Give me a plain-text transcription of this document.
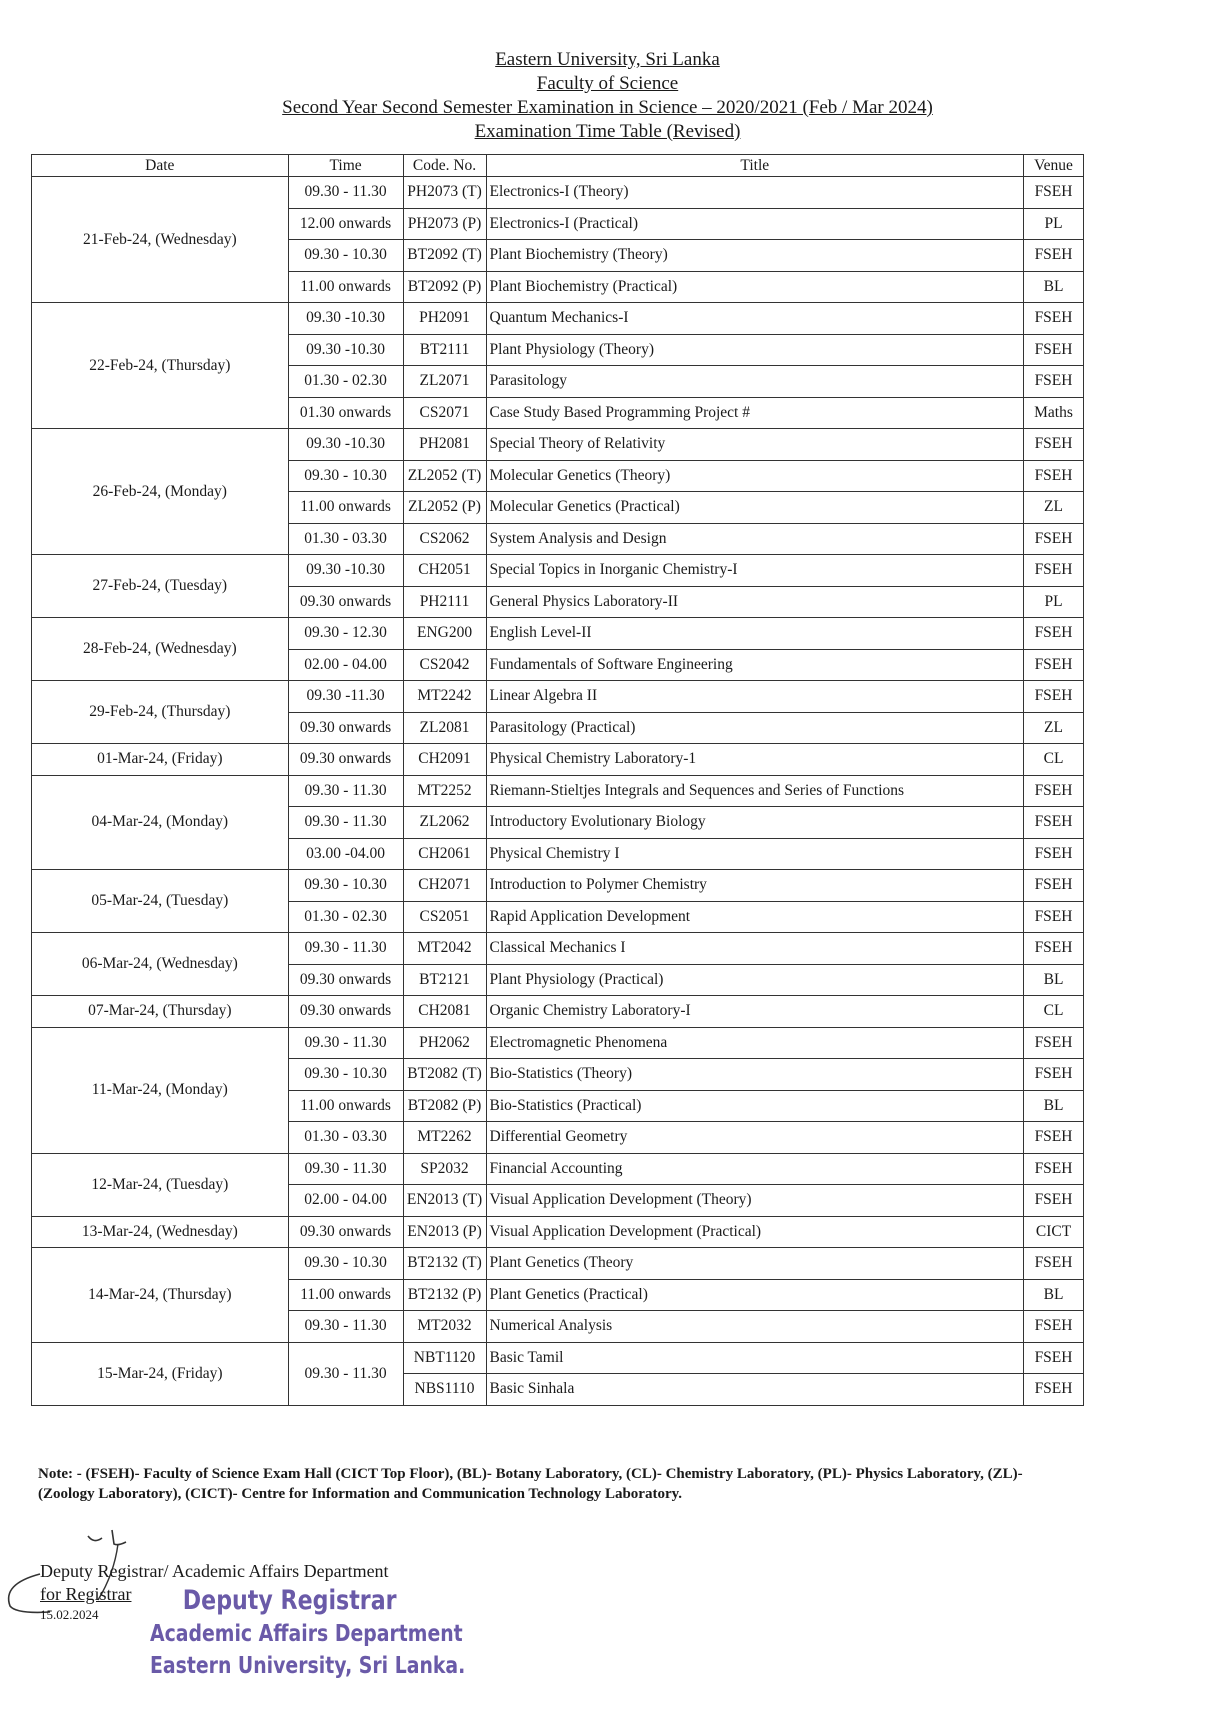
Eastern University, Sri Lanka
Faculty of Science
Second Year Second Semester Examination in Science – 2020/2021 (Feb / Mar 2024)
Examination Time Table (Revised)
Date	Time	Code. No.	Title	Venue
21-Feb-24, (Wednesday)	09.30 - 11.30	PH2073 (T)	Electronics-I (Theory)	FSEH
	12.00 onwards	PH2073 (P)	Electronics-I (Practical)	PL
	09.30 - 10.30	BT2092 (T)	Plant Biochemistry (Theory)	FSEH
	11.00 onwards	BT2092 (P)	Plant Biochemistry (Practical)	BL
22-Feb-24, (Thursday)	09.30 -10.30	PH2091	Quantum Mechanics-I	FSEH
	09.30 -10.30	BT2111	Plant Physiology (Theory)	FSEH
	01.30 - 02.30	ZL2071	Parasitology	FSEH
	01.30 onwards	CS2071	Case Study Based Programming Project #	Maths
26-Feb-24, (Monday)	09.30 -10.30	PH2081	Special Theory of Relativity	FSEH
	09.30 - 10.30	ZL2052 (T)	Molecular Genetics (Theory)	FSEH
	11.00 onwards	ZL2052 (P)	Molecular Genetics (Practical)	ZL
	01.30 - 03.30	CS2062	System Analysis and Design	FSEH
27-Feb-24, (Tuesday)	09.30 -10.30	CH2051	Special Topics in Inorganic Chemistry-I	FSEH
	09.30 onwards	PH2111	General Physics Laboratory-II	PL
28-Feb-24, (Wednesday)	09.30 - 12.30	ENG200	English Level-II	FSEH
	02.00 - 04.00	CS2042	Fundamentals of Software Engineering	FSEH
29-Feb-24, (Thursday)	09.30 -11.30	MT2242	Linear Algebra II	FSEH
	09.30 onwards	ZL2081	Parasitology (Practical)	ZL
01-Mar-24, (Friday)	09.30 onwards	CH2091	Physical Chemistry Laboratory-1	CL
04-Mar-24, (Monday)	09.30 - 11.30	MT2252	Riemann-Stieltjes Integrals and Sequences and Series of Functions	FSEH
	09.30 - 11.30	ZL2062	Introductory Evolutionary Biology	FSEH
	03.00 -04.00	CH2061	Physical Chemistry I	FSEH
05-Mar-24, (Tuesday)	09.30 - 10.30	CH2071	Introduction to Polymer Chemistry	FSEH
	01.30 - 02.30	CS2051	Rapid Application Development	FSEH
06-Mar-24, (Wednesday)	09.30 - 11.30	MT2042	Classical Mechanics I	FSEH
	09.30 onwards	BT2121	Plant Physiology (Practical)	BL
07-Mar-24, (Thursday)	09.30 onwards	CH2081	Organic Chemistry Laboratory-I	CL
11-Mar-24, (Monday)	09.30 - 11.30	PH2062	Electromagnetic Phenomena	FSEH
	09.30 - 10.30	BT2082 (T)	Bio-Statistics (Theory)	FSEH
	11.00 onwards	BT2082 (P)	Bio-Statistics (Practical)	BL
	01.30 - 03.30	MT2262	Differential Geometry	FSEH
12-Mar-24, (Tuesday)	09.30 - 11.30	SP2032	Financial Accounting	FSEH
	02.00 - 04.00	EN2013 (T)	Visual Application Development (Theory)	FSEH
13-Mar-24, (Wednesday)	09.30 onwards	EN2013 (P)	Visual Application Development (Practical)	CICT
14-Mar-24, (Thursday)	09.30 - 10.30	BT2132 (T)	Plant Genetics (Theory	FSEH
	11.00 onwards	BT2132 (P)	Plant Genetics (Practical)	BL
	09.30 - 11.30	MT2032	Numerical Analysis	FSEH
15-Mar-24, (Friday)	09.30 - 11.30	NBT1120	Basic Tamil	FSEH
		NBS1110	Basic Sinhala	FSEH
Note: - (FSEH)- Faculty of Science Exam Hall (CICT Top Floor), (BL)- Botany Laboratory, (CL)- Chemistry Laboratory, (PL)- Physics Laboratory, (ZL)- (Zoology Laboratory), (CICT)- Centre for Information and Communication Technology Laboratory.
Deputy Registrar/ Academic Affairs Department
for Registrar
15.02.2024	Deputy Registrar
Academic Affairs Department
Eastern University, Sri Lanka.
